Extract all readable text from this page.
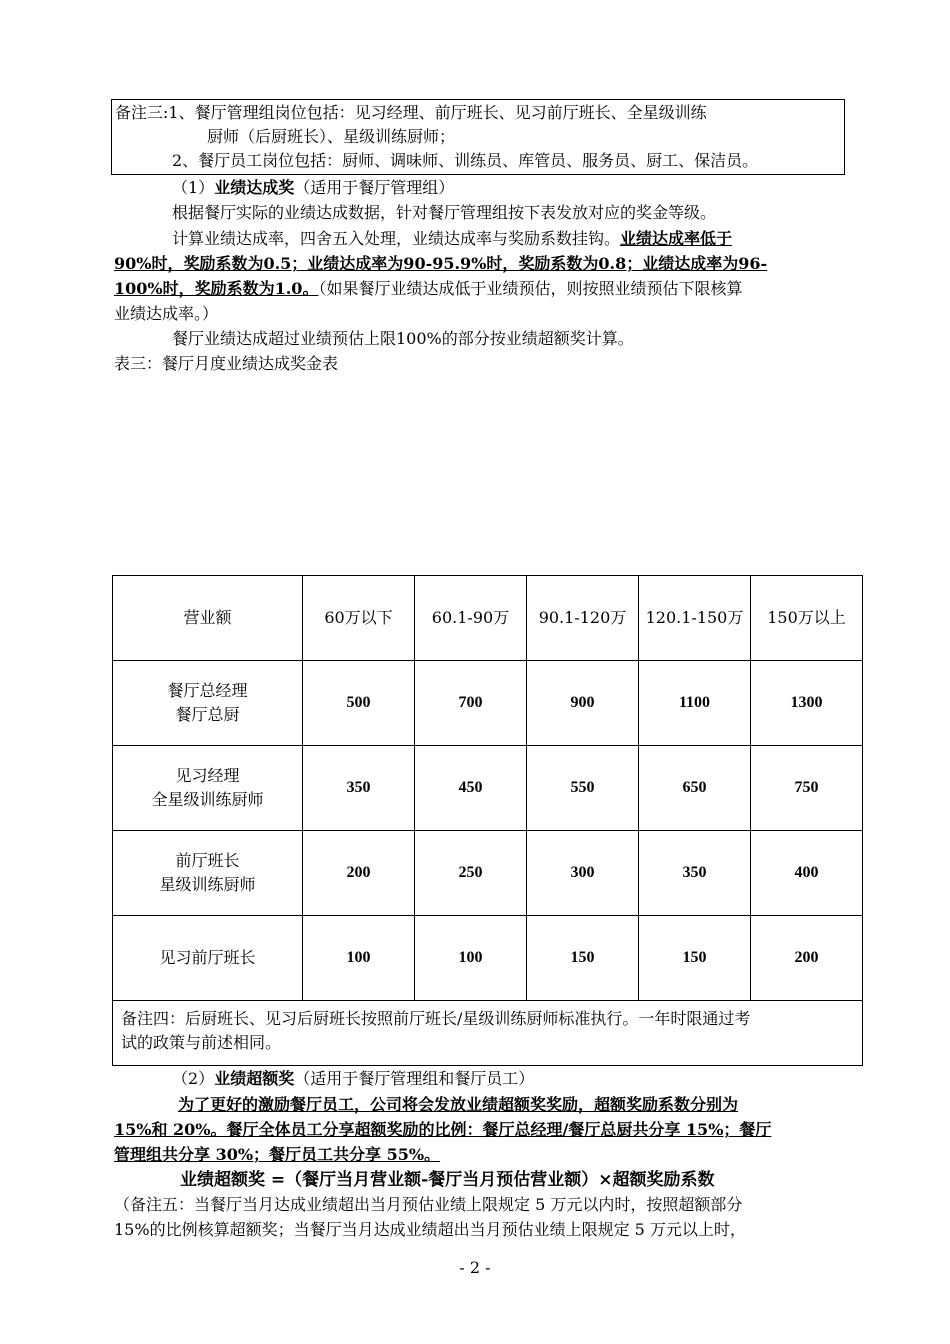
备注三:1、餐厅管理组岗位包括：见习经理、前厅班长、见习前厅班长、全星级训练
厨师（后厨班长）、星级训练厨师；
2、餐厅员工岗位包括：厨师、调味师、训练员、库管员、服务员、厨工、保洁员。
（1）业绩达成奖（适用于餐厅管理组）
根据餐厅实际的业绩达成数据，针对餐厅管理组按下表发放对应的奖金等级。
计算业绩达成率，四舍五入处理，业绩达成率与奖励系数挂钩。业绩达成率低于
90%时，奖励系数为0.5；业绩达成率为90-95.9%时，奖励系数为0.8；业绩达成率为96-
100%时，奖励系数为1.0。（如果餐厅业绩达成低于业绩预估，则按照业绩预估下限核算
业绩达成率。）
餐厅业绩达成超过业绩预估上限100%的部分按业绩超额奖计算。
表三：餐厅月度业绩达成奖金表
营业额	60万以下	60.1-90万	90.1-120万	120.1-150万	150万以上

餐厅总经理
餐厅总厨	500	700	900	1100	1300

见习经理
全星级训练厨师	350	450	550	650	750

前厅班长
星级训练厨师	200	250	300	350	400

见习前厅班长	100	100	150	150	200

备注四：后厨班长、见习后厨班长按照前厅班长/星级训练厨师标准执行。一年时限通过考
试的政策与前述相同。					
（2）业绩超额奖（适用于餐厅管理组和餐厅员工）
为了更好的激励餐厅员工，公司将会发放业绩超额奖奖励，超额奖励系数分别为
15%和 20%。餐厅全体员工分享超额奖励的比例：餐厅总经理/餐厅总厨共分享 15%；餐厅
管理组共分享 30%；餐厅员工共分享 55%。
业绩超额奖 =（餐厅当月营业额-餐厅当月预估营业额）×超额奖励系数
（备注五：当餐厅当月达成业绩超出当月预估业绩上限规定 5 万元以内时，按照超额部分
15%的比例核算超额奖；当餐厅当月达成业绩超出当月预估业绩上限规定 5 万元以上时，
- 2 -
